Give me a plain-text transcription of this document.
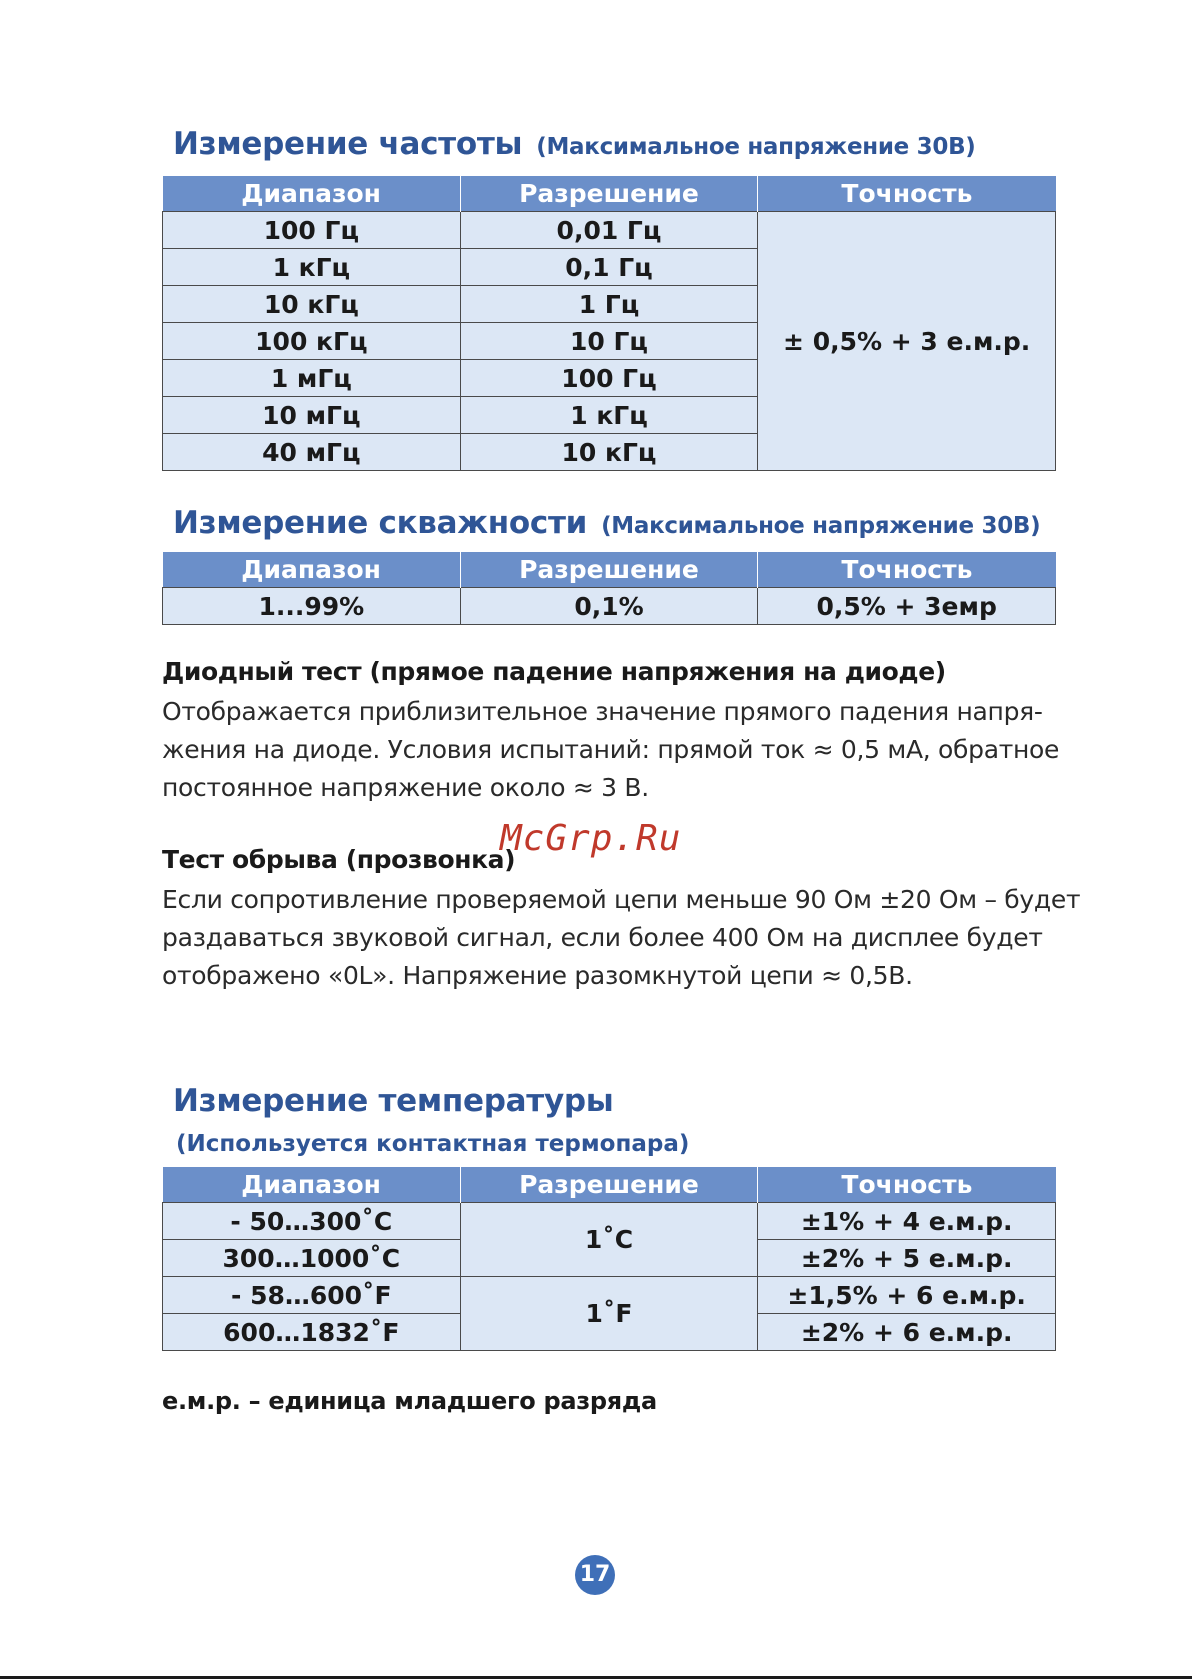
Измерение частоты (Максимальное напряжение 30В)
Диапазон	Разрешение	Точность
100 Гц	0,01 Гц	± 0,5% + 3 е.м.р.
1 кГц	0,1 Гц	
10 кГц	1 Гц	
100 кГц	10 Гц	
1 мГц	100 Гц	
10 мГц	1 кГц	
40 мГц	10 кГц	
Измерение скважности (Максимальное напряжение 30В)
Диапазон	Разрешение	Точность
1...99%	0,1%	0,5% + 3емр
Диодный тест (прямое падение напряжения на диоде)

Отображается приблизительное значение прямого падения напря-
жения на диоде. Условия испытаний: прямой ток ≈ 0,5 мА, обратное
постоянное напряжение около ≈ 3 В.

Тест обрыва (прозвонка)
McGrp.Ru

Если сопротивление проверяемой цепи меньше 90 Ом ±20 Ом – будет
раздаваться звуковой сигнал, если более 400 Ом на дисплее будет
отображено «0L». Напряжение разомкнутой цепи ≈ 0,5В.

Измерение температуры
(Используется контактная термопара)
Диапазон	Разрешение	Точность
- 50…300˚C	1˚C	±1% + 4 е.м.р.
300…1000˚C		±2% + 5 е.м.р.
- 58…600˚F	1˚F	±1,5% + 6 е.м.р.
600…1832˚F		±2% + 6 е.м.р.

е.м.р. – единица младшего разряда

17
